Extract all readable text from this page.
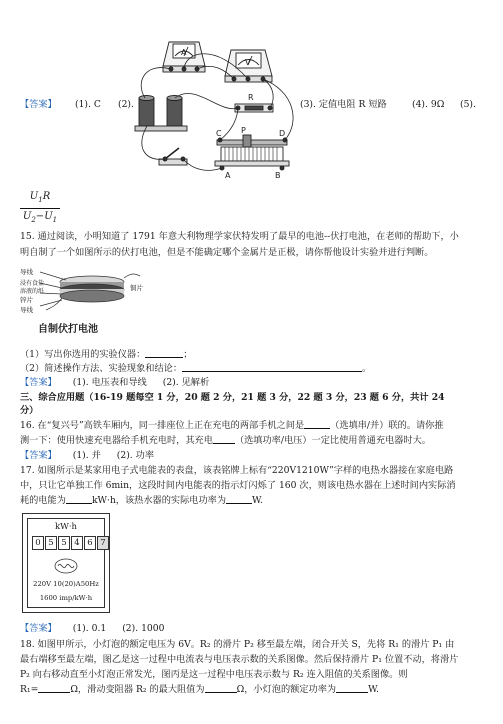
A
V
R
C P	D
A	B
【答案】 (1). C (2).	(3). 定值电阻 R 短路	(4). 9Ω (5).
$U_1R$
$U_2-U_1$
15. 通过阅读，小明知道了 1791 年意大利物理学家伏特发明了最早的电池--伏打电池，在老师的帮助下，小
明自制了一个如图所示的伏打电池，但是不能确定哪个金属片是正极，请你帮他设计实验并进行判断。
导线
铜片
浸有食盐
溶液的纸
锌片
导线
自制伏打电池
（1）写出你选用的实验仪器：	；
（2）简述操作方法、实验现象和结论：	。
【答案】 (1). 电压表和导线 (2). 见解析
三、综合应用题（16-19 题每空 1 分，20 题 2 分，21 题 3 分，22 题 3 分，23 题 6 分，共计 24
分）
16. 在“复兴号”高铁车厢内，同一排座位上正在充电的两部手机之间是	（选填串/并）联的。请你推
测一下：使用快速充电器给手机充电时，其充电 （选填功率/电压）一定比使用普通充电器时大。
【答案】 (1). 并 (2). 功率
17. 如图所示是某家用电子式电能表的表盘，该表铭牌上标有“220V1210W”字样的电热水器接在家庭电路
中，只让它单独工作 6min，这段时间内电能表的指示灯闪烁了 160 次，则该电热水器在上述时间内实际消
耗的电能为	kW·h，该热水器的实际电功率为	W.
kW·h
0 5 5 4 6 7
220V 10(20)A50Hz
1600 imp/kW·h
【答案】 (1). 0.1 (2). 1000
18. 如图甲所示，小灯泡的额定电压为 6V。R₂ 的滑片 P₂ 移至最左端，闭合开关 S，先将 R₁ 的滑片 P₁ 由
最右端移至最左端，图乙是这一过程中电流表与电压表示数的关系图像。然后保持滑片 P₁ 位置不动，将滑片
P₂ 向右移动直至小灯泡正常发光，图丙是这一过程中电压表示数与 R₂ 连入阻值的关系图像。则
R₁=	Ω，滑动变阻器 R₂ 的最大阻值为	Ω，小灯泡的额定功率为	W.
